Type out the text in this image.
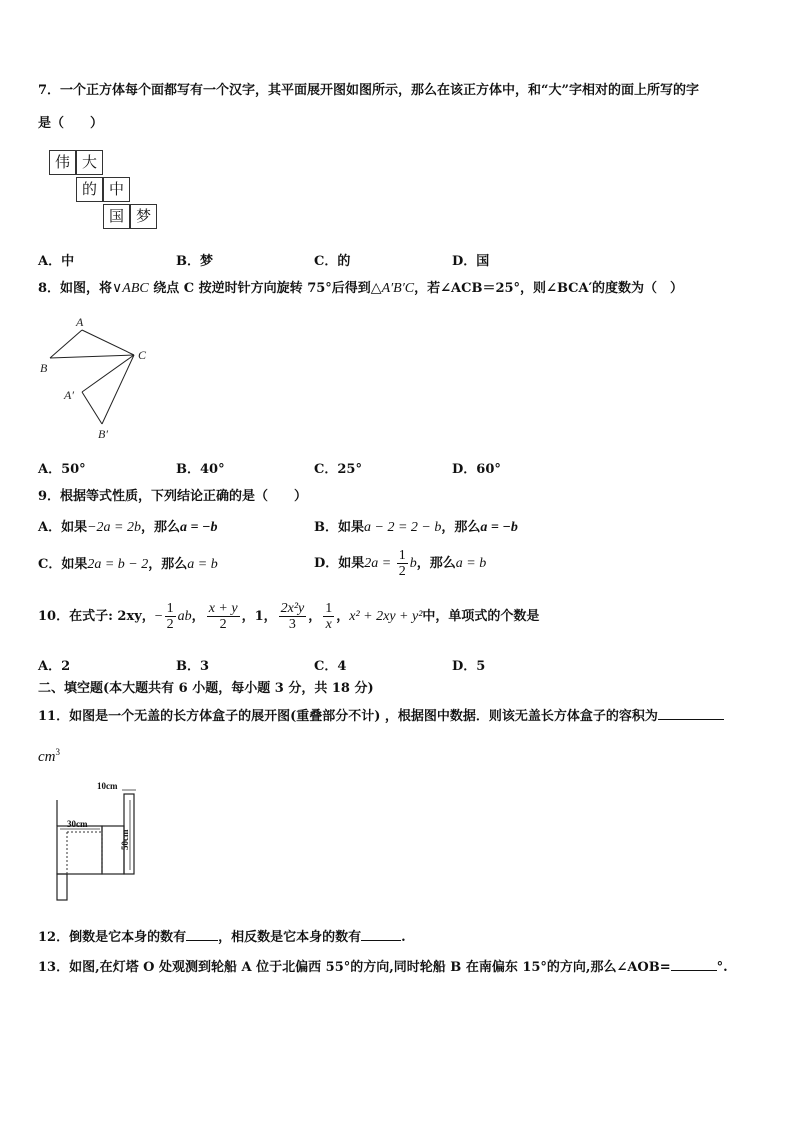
7．一个正方体每个面都写有一个汉字，其平面展开图如图所示，那么在该正方体中，和“大”字相对的面上所写的字
是（　　）
伟 大
的 中
国 梦
A．中	B．梦	C．的	D．国
8．如图，将∨ABC 绕点 C 按逆时针方向旋转 75°后得到△A′B′C，若∠ACB＝25°，则∠BCA′的度数为（　）
A
B
C
A′
B′
A．50°	B．40°	C．25°	D．60°
9．根据等式性质，下列结论正确的是（　　）
A．如果−2a = 2b，那么a = −b	B．如果a − 2 = 2 − b，那么a = −b
C．如果2a = b − 2，那么a = b	D．如果$2a = \frac{1}{2}$ b，那么a = b
10．在式子: 2xy，− $\frac{1}{2}$ ab， $\frac{x + y}{2}$ ，1， $\frac{\text{2x²y}}{3}$ ， $\frac{1}{x}$ ，x² + 2xy + y²中，单项式的个数是
A．2	B．3	C．4	D．5
二、填空题(本大题共有 6 小题，每小题 3 分，共 18 分)
11．如图是一个无盖的长方体盒子的展开图(重叠部分不计) ，根据图中数据．则该无盖长方体盒子的容积为
$cm^3$
10cm
30cm
50cm
12．倒数是它本身的数有 ，相反数是它本身的数有	.
13．如图,在灯塔 O 处观测到轮船 A 位于北偏西 55°的方向,同时轮船 B 在南偏东 15°的方向,那么∠AOB=	°.
